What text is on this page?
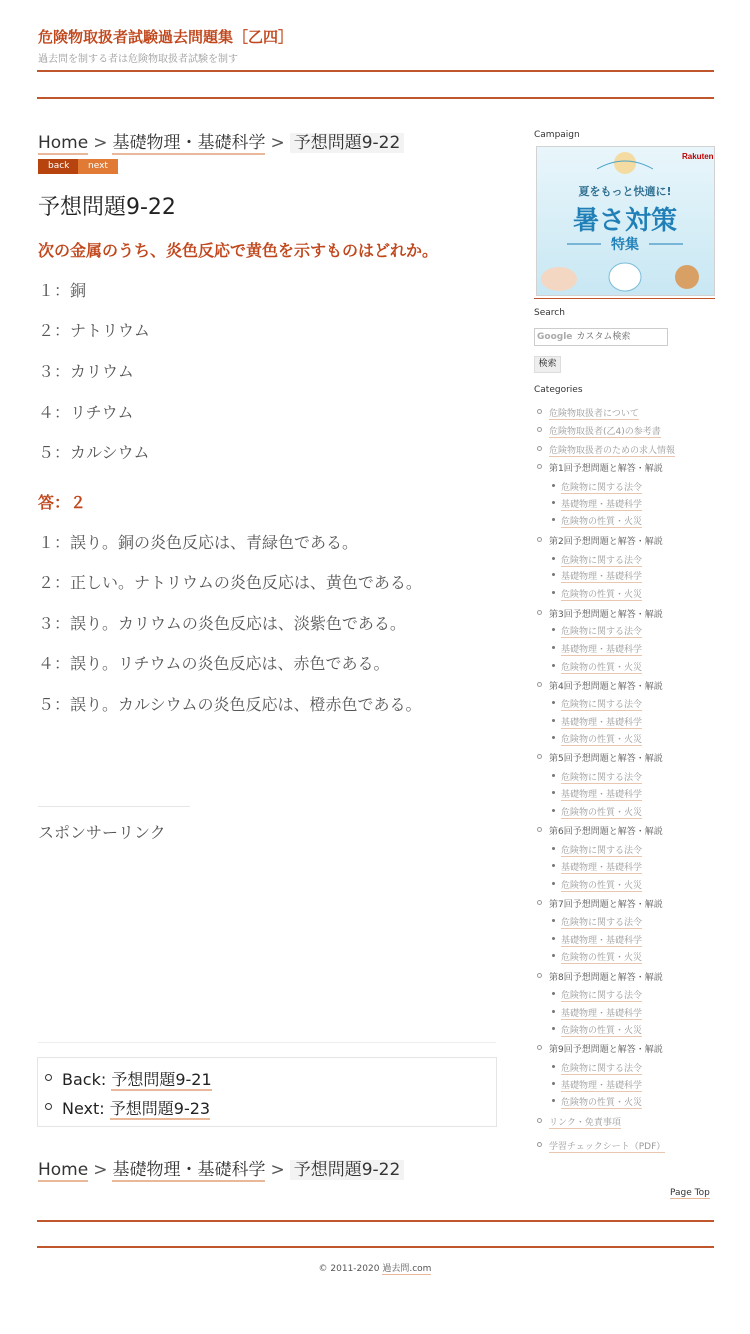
危険物取扱者試験過去問題集［乙四］
過去問を制する者は危険物取扱者試験を制す
Home > 基礎物理・基礎科学 > 予想問題9-22
back	next
予想問題9-22
次の金属のうち、炎色反応で黄色を示すものはどれか。
１：銅
２：ナトリウム
３：カリウム
４：リチウム
５：カルシウム
答：２
１：誤り。銅の炎色反応は、青緑色である。
２：正しい。ナトリウムの炎色反応は、黄色である。
３：誤り。カリウムの炎色反応は、淡紫色である。
４：誤り。リチウムの炎色反応は、赤色である。
５：誤り。カルシウムの炎色反応は、橙赤色である。
スポンサーリンク
Back: 予想問題9-21
Next: 予想問題9-23
Home > 基礎物理・基礎科学 > 予想問題9-22
Campaign
Rakuten
夏をもっと快適に!
暑さ対策
特集
Search
Google カスタム検索
検索
Categories
危険物取扱者について
危険物取扱者(乙4)の参考書
危険物取扱者のための求人情報
第1回予想問題と解答・解説
危険物に関する法令
基礎物理・基礎科学
危険物の性質・火災
第2回予想問題と解答・解説
危険物に関する法令
基礎物理・基礎科学
危険物の性質・火災
第3回予想問題と解答・解説
危険物に関する法令
基礎物理・基礎科学
危険物の性質・火災
第4回予想問題と解答・解説
危険物に関する法令
基礎物理・基礎科学
危険物の性質・火災
第5回予想問題と解答・解説
危険物に関する法令
基礎物理・基礎科学
危険物の性質・火災
第6回予想問題と解答・解説
危険物に関する法令
基礎物理・基礎科学
危険物の性質・火災
第7回予想問題と解答・解説
危険物に関する法令
基礎物理・基礎科学
危険物の性質・火災
第8回予想問題と解答・解説
危険物に関する法令
基礎物理・基礎科学
危険物の性質・火災
第9回予想問題と解答・解説
危険物に関する法令
基礎物理・基礎科学
危険物の性質・火災
リンク・免責事項
学習チェックシート（PDF）
Page Top
© 2011-2020 過去問.com
